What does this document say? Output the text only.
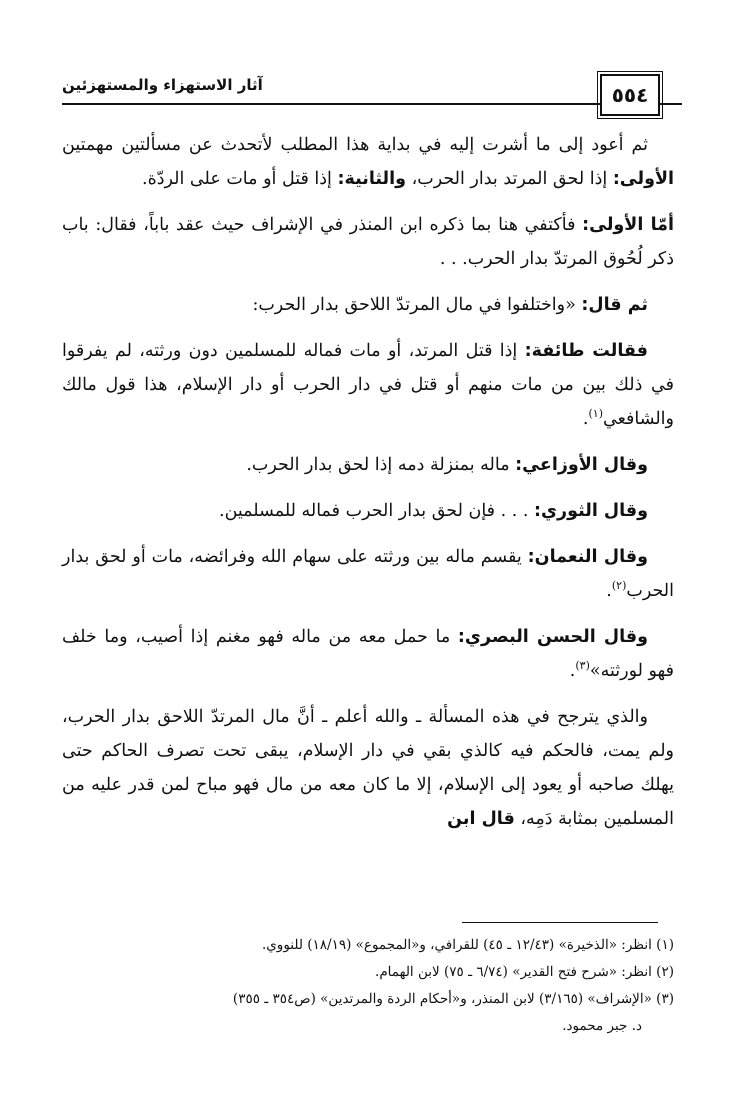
آثار الاستهزاء والمستهزئين	٥٥٤

ثم أعود إلى ما أشرت إليه في بداية هذا المطلب لأتحدث عن مسألتين مهمتين الأولى: إذا لحق المرتد بدار الحرب، والثانية: إذا قتل أو مات على الردّة.

أمّا الأولى: فأكتفي هنا بما ذكره ابن المنذر في الإشراف حيث عقد باباً، فقال: باب ذكر لُحُوق المرتدّ بدار الحرب. . .

ثم قال: «واختلفوا في مال المرتدّ اللاحق بدار الحرب:

فقالت طائفة: إذا قتل المرتد، أو مات فماله للمسلمين دون ورثته، لم يفرقوا في ذلك بين من مات منهم أو قتل في دار الحرب أو دار الإسلام، هذا قول مالك والشافعي$^{(١)}$.

وقال الأوزاعي: ماله بمنزلة دمه إذا لحق بدار الحرب.

وقال الثوري: . . . فإن لحق بدار الحرب فماله للمسلمين.

وقال النعمان: يقسم ماله بين ورثته على سهام الله وفرائضه، مات أو لحق بدار الحرب$^{(٢)}$.

وقال الحسن البصري: ما حمل معه من ماله فهو مغنم إذا أصيب، وما خلف فهو لورثته»$^{(٣)}$.

والذي يترجح في هذه المسألة ـ والله أعلم ـ أنَّ مال المرتدّ اللاحق بدار الحرب، ولم يمت، فالحكم فيه كالذي بقي في دار الإسلام، يبقى تحت تصرف الحاكم حتى يهلك صاحبه أو يعود إلى الإسلام، إلا ما كان معه من مال فهو مباح لمن قدر عليه من المسلمين بمثابة دَمِه، قال ابن

(١) انظر: «الذخيرة» (١٢/٤٣ ـ ٤٥) للقرافي، و«المجموع» (١٨/١٩) للنووي.
(٢) انظر: «شرح فتح القدير» (٦/٧٤ ـ ٧٥) لابن الهمام.
(٣) «الإشراف» (٣/١٦٥) لابن المنذر، و«أحكام الردة والمرتدين» (ص٣٥٤ ـ ٣٥٥)
د. جبر محمود.
